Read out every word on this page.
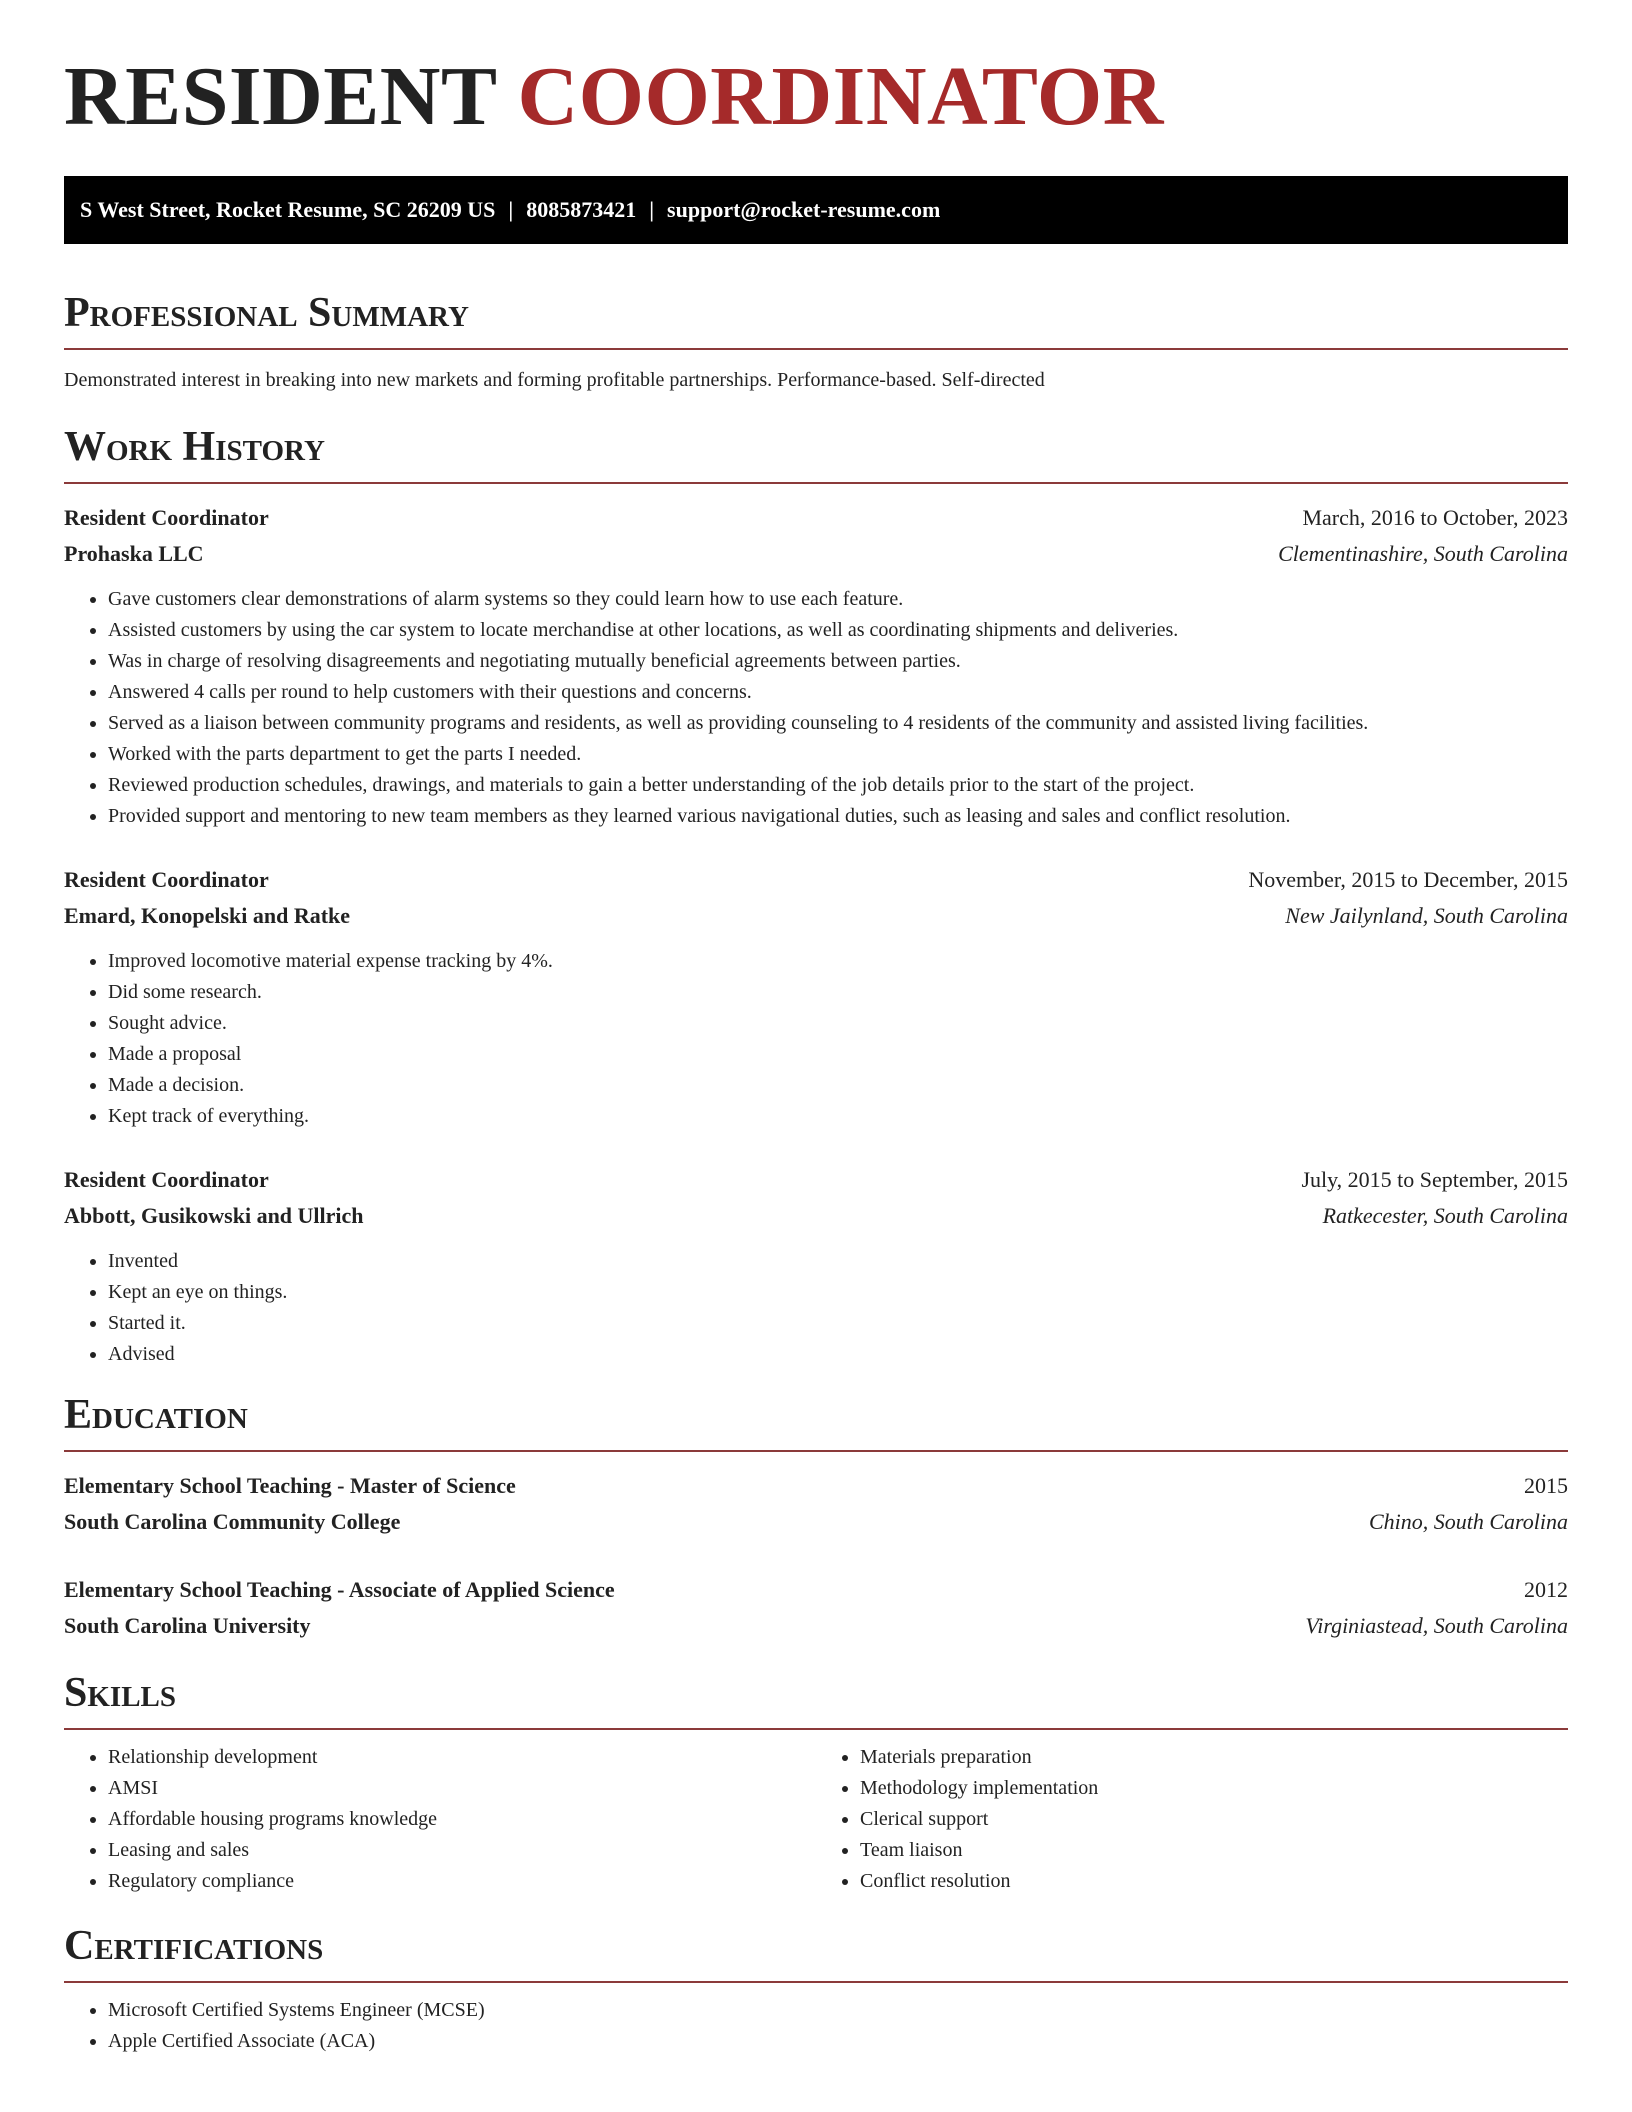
RESIDENT COORDINATOR
S West Street, Rocket Resume, SC 26209 US | 8085873421 | support@rocket-resume.com
Professional Summary
Demonstrated interest in breaking into new markets and forming profitable partnerships. Performance-based. Self-directed
Work History
Resident Coordinator	March, 2016 to October, 2023
Prohaska LLC	Clementinashire, South Carolina
• Gave customers clear demonstrations of alarm systems so they could learn how to use each feature.
• Assisted customers by using the car system to locate merchandise at other locations, as well as coordinating shipments and deliveries.
• Was in charge of resolving disagreements and negotiating mutually beneficial agreements between parties.
• Answered 4 calls per round to help customers with their questions and concerns.
• Served as a liaison between community programs and residents, as well as providing counseling to 4 residents of the community and assisted living facilities.
• Worked with the parts department to get the parts I needed.
• Reviewed production schedules, drawings, and materials to gain a better understanding of the job details prior to the start of the project.
• Provided support and mentoring to new team members as they learned various navigational duties, such as leasing and sales and conflict resolution.
Resident Coordinator	November, 2015 to December, 2015
Emard, Konopelski and Ratke	New Jailynland, South Carolina
• Improved locomotive material expense tracking by 4%.
• Did some research.
• Sought advice.
• Made a proposal
• Made a decision.
• Kept track of everything.
Resident Coordinator	July, 2015 to September, 2015
Abbott, Gusikowski and Ullrich	Ratkecester, South Carolina
• Invented
• Kept an eye on things.
• Started it.
• Advised
Education
Elementary School Teaching - Master of Science	2015
South Carolina Community College	Chino, South Carolina
Elementary School Teaching - Associate of Applied Science	2012
South Carolina University	Virginiastead, South Carolina
Skills
• Relationship development
• AMSI
• Affordable housing programs knowledge
• Leasing and sales
• Regulatory compliance
• Materials preparation
• Methodology implementation
• Clerical support
• Team liaison
• Conflict resolution
Certifications
• Microsoft Certified Systems Engineer (MCSE)
• Apple Certified Associate (ACA)
